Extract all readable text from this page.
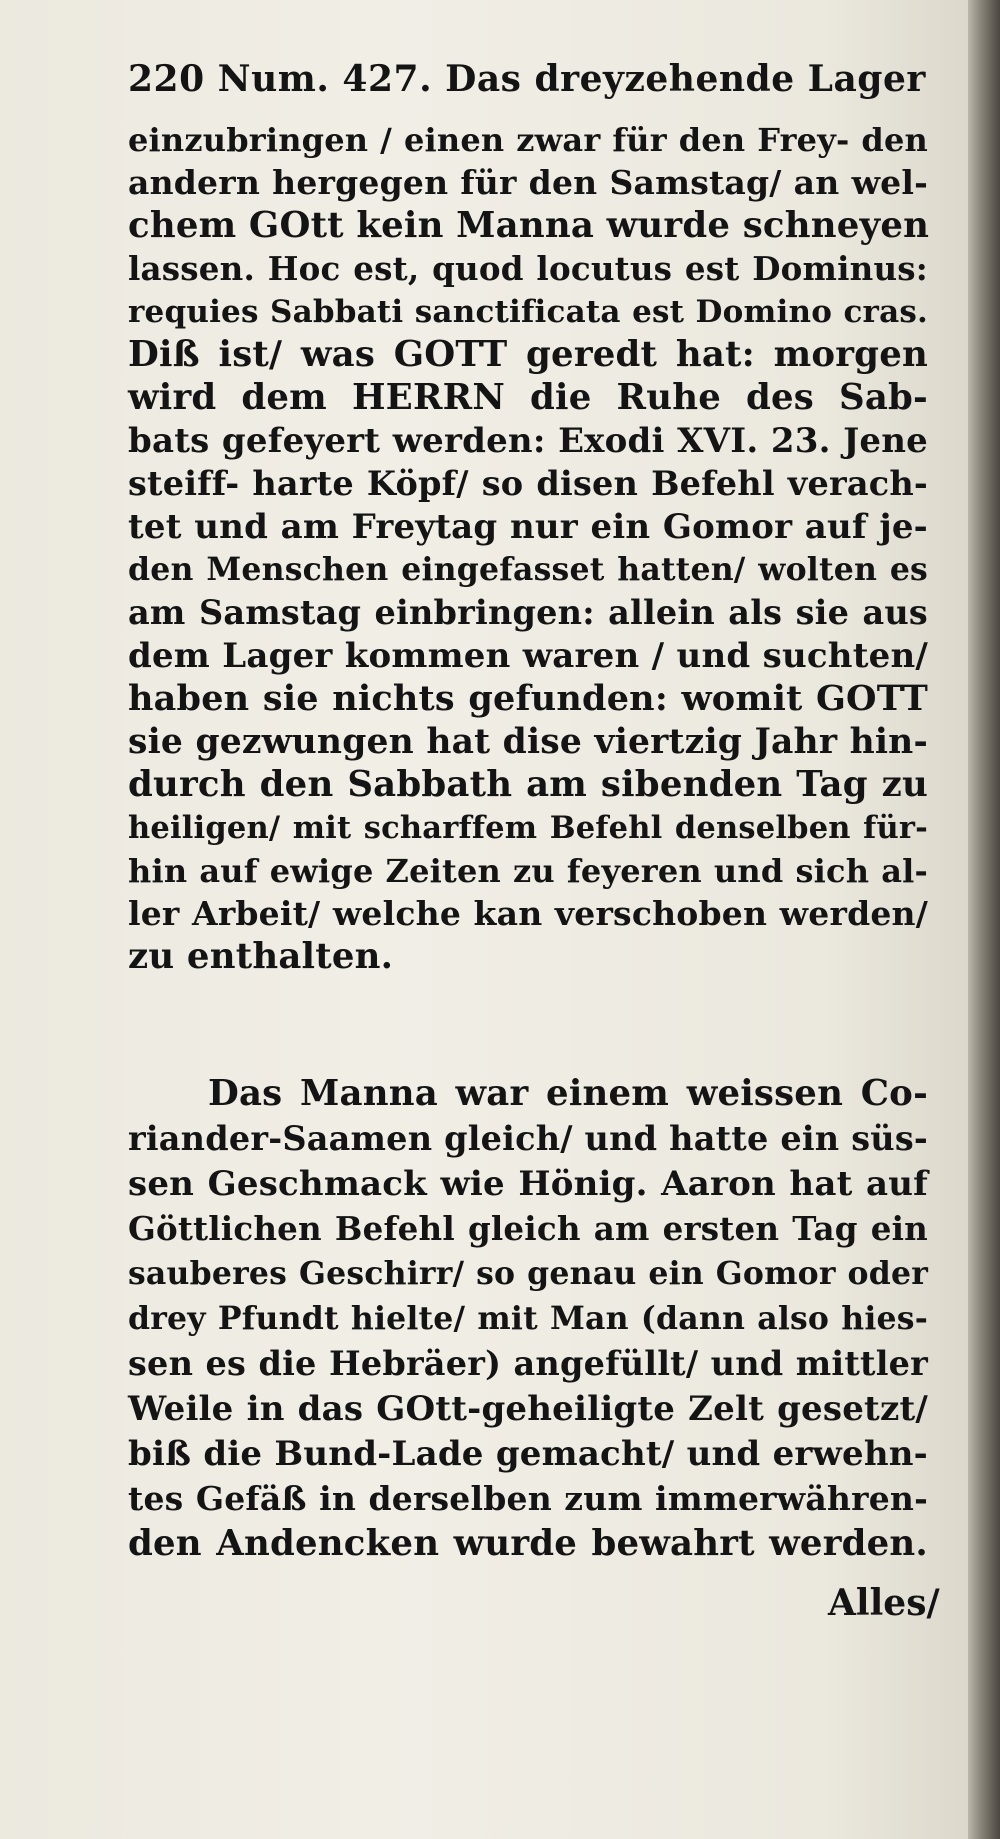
220 Num. 427. Das dreyzehende Lager
einzubringen / einen zwar für den Frey- den
andern hergegen für den Samstag/ an wel-
chem GOtt kein Manna wurde schneyen
lassen. Hoc est, quod locutus est Dominus:
requies Sabbati sanctificata est Domino cras.
Diß ist/ was GOTT geredt hat: morgen
wird dem HERRN die Ruhe des Sab-
bats gefeyert werden: Exodi XVI. 23. Jene
steiff- harte Köpf/ so disen Befehl verach-
tet und am Freytag nur ein Gomor auf je-
den Menschen eingefasset hatten/ wolten es
am Samstag einbringen: allein als sie aus
dem Lager kommen waren / und suchten/
haben sie nichts gefunden: womit GOTT
sie gezwungen hat dise viertzig Jahr hin-
durch den Sabbath am sibenden Tag zu
heiligen/ mit scharffem Befehl denselben für-
hin auf ewige Zeiten zu feyeren und sich al-
ler Arbeit/ welche kan verschoben werden/
zu enthalten.
Das Manna war einem weissen Co-
riander-Saamen gleich/ und hatte ein süs-
sen Geschmack wie Hönig. Aaron hat auf
Göttlichen Befehl gleich am ersten Tag ein
sauberes Geschirr/ so genau ein Gomor oder
drey Pfundt hielte/ mit Man (dann also hies-
sen es die Hebräer) angefüllt/ und mittler
Weile in das GOtt-geheiligte Zelt gesetzt/
biß die Bund-Lade gemacht/ und erwehn-
tes Gefäß in derselben zum immerwähren-
den Andencken wurde bewahrt werden.
Alles/
